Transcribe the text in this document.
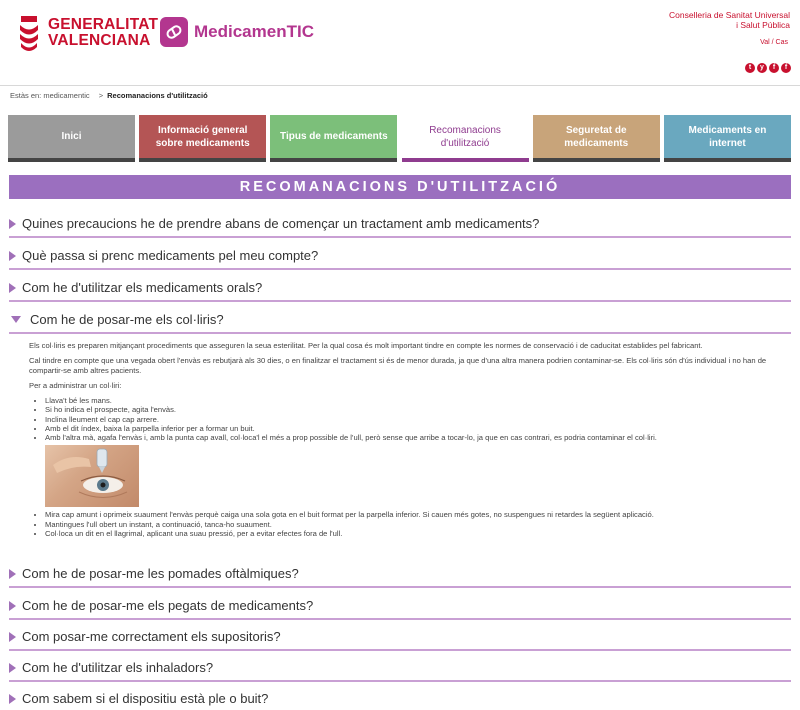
GENERALITAT
VALENCIANA	MedicamenTIC
Conselleria de Sanitat Universal
i Salut Pública
Val / Cas
t	y	f	f
Estàs en: medicamentic > Recomanacions d'utilització
Inici
Informació general sobre medicaments
Tipus de medicaments
Recomanacions d'utilització
Seguretat de medicaments
Medicaments en internet
RECOMANACIONS D'UTILITZACIÓ
Quines precaucions he de prendre abans de començar un tractament amb medicaments?
Què passa si prenc medicaments pel meu compte?
Com he d'utilitzar els medicaments orals?
Com he de posar-me els col·liris?

Els col·liris es preparen mitjançant procediments que asseguren la seua esterilitat. Per la qual cosa és molt important tindre en compte les normes de conservació i de caducitat establides pel fabricant.

Cal tindre en compte que una vegada obert l'envàs es rebutjarà als 30 dies, o en finalitzar el tractament si és de menor durada, ja que d'una altra manera podrien contaminar-se. Els col·liris són d'ús individual i no han de compartir-se amb altres pacients.

Per a administrar un col·liri:

• Llava't bé les mans.
• Si ho indica el prospecte, agita l'envàs.
• Inclina lleument el cap cap arrere.
• Amb el dit índex, baixa la parpella inferior per a formar un buit.
• Amb l'altra mà, agafa l'envàs i, amb la punta cap avall, col·loca'l el més a prop possible de l'ull, però sense que arribe a tocar-lo, ja que en cas contrari, es podria contaminar el col·liri.
• Mira cap amunt i oprimeix suaument l'envàs perquè caiga una sola gota en el buit format per la parpella inferior. Si cauen més gotes, no suspengues ni retardes la següent aplicació.
• Mantingues l'ull obert un instant, a continuació, tanca-ho suaument.
• Col·loca un dit en el llagrimal, aplicant una suau pressió, per a evitar efectes fora de l'ull.
Com he de posar-me les pomades oftàlmiques?
Com he de posar-me els pegats de medicaments?
Com posar-me correctament els supositoris?
Com he d'utilitzar els inhaladors?
Com sabem si el dispositiu està ple o buit?
